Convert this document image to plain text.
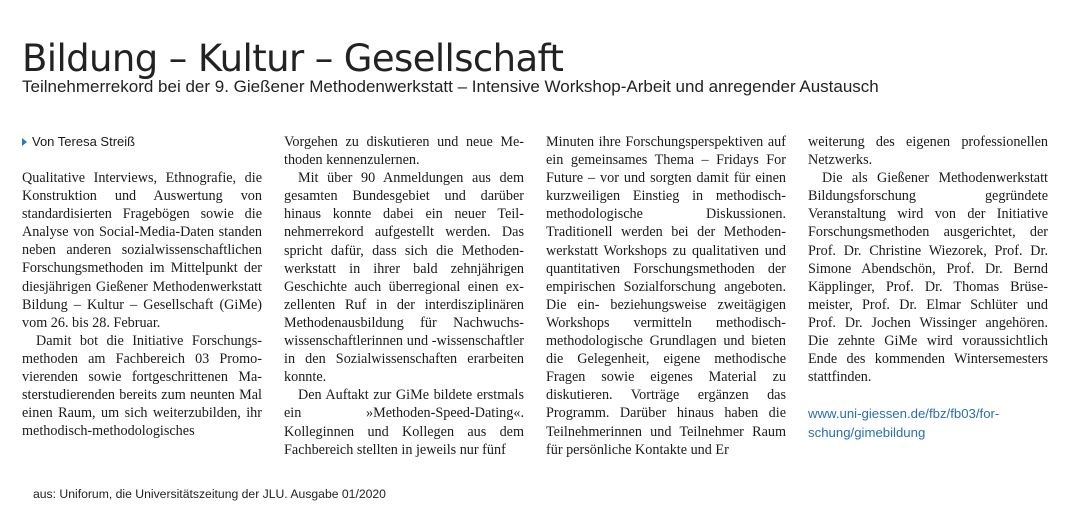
Bildung – Kultur – Gesellschaft
Teilnehmerrekord bei der 9. Gießener Methodenwerkstatt – Intensive Workshop-Arbeit und anregender Austausch
Von Teresa Streiß

Qualitative Interviews, Ethnografie, die Konstruktion und Auswertung von standardisierten Fragebögen sowie die Analyse von Social-Media-Daten standen neben anderen sozialwissenschaftlichen Forschungsmethoden im Mittelpunkt der diesjährigen Gießener Methodenwerkstatt Bildung – Kultur – Gesellschaft (GiMe) vom 26. bis 28. Februar.

Damit bot die Initiative Forschungsmethoden am Fachbereich 03 Promovierenden sowie fortgeschrittenen Masterstudierenden bereits zum neunten Mal einen Raum, um sich weiterzubilden, ihr methodisch-methodologisches

Vorgehen zu diskutieren und neue Methoden kennenzulernen.

Mit über 90 Anmeldungen aus dem gesamten Bundesgebiet und darüber hinaus konnte dabei ein neuer Teilnehmerrekord aufgestellt werden. Das spricht dafür, dass sich die Methodenwerkstatt in ihrer bald zehnjährigen Geschichte auch überregional einen exzellenten Ruf in der interdisziplinären Methodenausbildung für Nachwuchswissenschaftlerinnen und -wissenschaftler in den Sozialwissenschaften erarbeiten konnte.

Den Auftakt zur GiMe bildete erstmals ein »Methoden-Speed-Dating«. Kolleginnen und Kollegen aus dem Fachbereich stellten in jeweils nur fünf

Minuten ihre Forschungsperspektiven auf ein gemeinsames Thema – Fridays For Future – vor und sorgten damit für einen kurzweiligen Einstieg in methodisch-methodologische Diskussionen. Traditionell werden bei der Methodenwerkstatt Workshops zu qualitativen und quantitativen Forschungsmethoden der empirischen Sozialforschung angeboten. Die ein- beziehungsweise zweitägigen Workshops vermitteln methodisch-methodologische Grundlagen und bieten die Gelegenheit, eigene methodische Fragen sowie eigenes Material zu diskutieren. Vorträge ergänzen das Programm. Darüber hinaus haben die Teilnehmerinnen und Teilnehmer Raum für persönliche Kontakte und Er

weiterung des eigenen professionellen Netzwerks.

Die als Gießener Methodenwerkstatt Bildungsforschung gegründete Veranstaltung wird von der Initiative Forschungsmethoden ausgerichtet, der Prof. Dr. Christine Wiezorek, Prof. Dr. Simone Abendschön, Prof. Dr. Bernd Käpplinger, Prof. Dr. Thomas Brüsemeister, Prof. Dr. Elmar Schlüter und Prof. Dr. Jochen Wissinger angehören. Die zehnte GiMe wird voraussichtlich Ende des kommenden Wintersemesters stattfinden.

www.uni-giessen.de/fbz/fb03/for-
schung/gimebildung
aus: Uniforum, die Universitätszeitung der JLU. Ausgabe 01/2020
